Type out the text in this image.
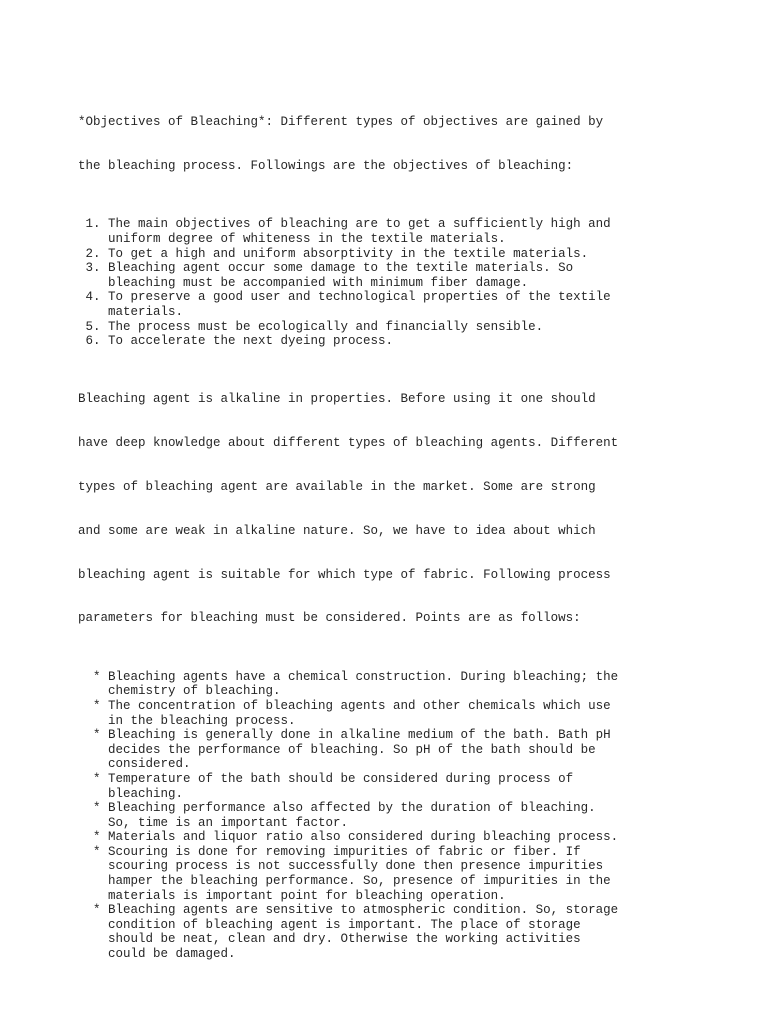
*Objectives of Bleaching*: Different types of objectives are gained by

the bleaching process. Followings are the objectives of bleaching:

1. The main objectives of bleaching are to get a sufficiently high and
uniform degree of whiteness in the textile materials.
2. To get a high and uniform absorptivity in the textile materials.
3. Bleaching agent occur some damage to the textile materials. So
bleaching must be accompanied with minimum fiber damage.
4. To preserve a good user and technological properties of the textile
materials.
5. The process must be ecologically and financially sensible.
6. To accelerate the next dyeing process.

Bleaching agent is alkaline in properties. Before using it one should

have deep knowledge about different types of bleaching agents. Different

types of bleaching agent are available in the market. Some are strong

and some are weak in alkaline nature. So, we have to idea about which

bleaching agent is suitable for which type of fabric. Following process

parameters for bleaching must be considered. Points are as follows:

* Bleaching agents have a chemical construction. During bleaching; the
chemistry of bleaching.
* The concentration of bleaching agents and other chemicals which use
in the bleaching process.
* Bleaching is generally done in alkaline medium of the bath. Bath pH
decides the performance of bleaching. So pH of the bath should be
considered.
* Temperature of the bath should be considered during process of
bleaching.
* Bleaching performance also affected by the duration of bleaching.
So, time is an important factor.
* Materials and liquor ratio also considered during bleaching process.
* Scouring is done for removing impurities of fabric or fiber. If
scouring process is not successfully done then presence impurities
hamper the bleaching performance. So, presence of impurities in the
materials is important point for bleaching operation.
* Bleaching agents are sensitive to atmospheric condition. So, storage
condition of bleaching agent is important. The place of storage
should be neat, clean and dry. Otherwise the working activities
could be damaged.
